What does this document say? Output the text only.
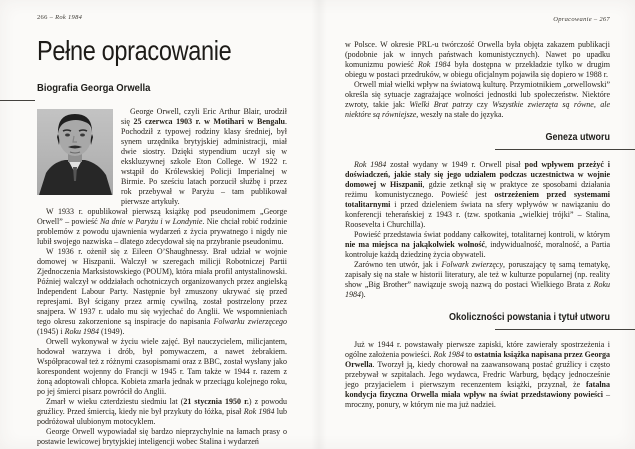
266 – Rok 1984
Pełne opracowanie
Biografia Georga Orwella

George Orwell, czyli Eric Arthur Blair, urodził się 25 czerwca 1903 r. w Motihari w Bengalu. Pochodził z typowej rodziny klasy średniej, był synem urzędnika brytyjskiej administracji, miał dwie siostry. Dzięki stypendium uczył się w ekskluzywnej szkole Eton College. W 1922 r. wstąpił do Królewskiej Policji Imperialnej w Birmie. Po sześciu latach porzucił służbę i przez rok przebywał w Paryżu – tam publikował pierwsze artykuły.

W 1933 r. opublikował pierwszą książkę pod pseudonimem „George Orwell” – powieść Na dnie w Paryżu i w Londynie. Nie chciał robić rodzinie problemów z powodu ujawnienia wydarzeń z życia prywatnego i nigdy nie lubił swojego nazwiska – dlatego zdecydował się na przybranie pseudonimu.

W 1936 r. ożenił się z Eileen O’Shaughnessy. Brał udział w wojnie domowej w Hiszpanii. Walczył w szeregach milicji Robotniczej Partii Zjednoczenia Marksistowskiego (POUM), która miała profil antystalinowski. Później walczył w oddziałach ochotniczych organizowanych przez angielską Independent Labour Party. Następnie był zmuszony ukrywać się przed represjami. Był ścigany przez armię cywilną, został postrzelony przez snajpera. W 1937 r. udało mu się wyjechać do Anglii. We wspomnieniach tego okresu zakorzenione są inspiracje do napisania Folwarku zwierzęcego (1945) i Roku 1984 (1949).

Orwell wykonywał w życiu wiele zajęć. Był nauczycielem, milicjantem, hodował warzywa i drób, był pomywaczem, a nawet żebrakiem. Współpracował też z różnymi czasopismami oraz z BBC, został wysłany jako korespondent wojenny do Francji w 1945 r. Tam także w 1944 r. razem z żoną adoptowali chłopca. Kobieta zmarła jednak w przeciągu kolejnego roku, po jej śmierci pisarz powrócił do Anglii.

Zmarł w wieku czterdziestu siedmiu lat (21 stycznia 1950 r.) z powodu gruźlicy. Przed śmiercią, kiedy nie był przykuty do łóżka, pisał Rok 1984 lub podróżował ulubionym motocyklem.

George Orwell wypowiadał się bardzo nieprzychylnie na łamach prasy o postawie lewicowej brytyjskiej inteligencji wobec Stalina i wydarzeń

Opracowanie – 267

w Polsce. W okresie PRL-u twórczość Orwella była objęta zakazem publikacji (podobnie jak w innych państwach komunistycznych). Nawet po upadku komunizmu powieść Rok 1984 była dostępna w przekładzie tylko w drugim obiegu w postaci przedruków, w obiegu oficjalnym pojawiła się dopiero w 1988 r.

Orwell miał wielki wpływ na światową kulturę. Przymiotnikiem „orwellowski” określa się sytuacje zagrażające wolności jednostki lub społeczeństw. Niektóre zwroty, takie jak: Wielki Brat patrzy czy Wszystkie zwierzęta są równe, ale niektóre są równiejsze, weszły na stałe do języka.

Geneza utworu

Rok 1984 został wydany w 1949 r. Orwell pisał pod wpływem przeżyć i doświadczeń, jakie stały się jego udziałem podczas uczestnictwa w wojnie domowej w Hiszpanii, gdzie zetknął się w praktyce ze sposobami działania reżimu komunistycznego. Powieść jest ostrzeżeniem przed systemami totalitarnymi i przed dzieleniem świata na sfery wpływów w nawiązaniu do konferencji teherańskiej z 1943 r. (tzw. spotkania „wielkiej trójki” – Stalina, Roosevelta i Churchilla).

Powieść przedstawia świat poddany całkowitej, totalitarnej kontroli, w którym nie ma miejsca na jakąkolwiek wolność, indywidualność, moralność, a Partia kontroluje każdą dziedzinę życia obywateli.

Zarówno ten utwór, jak i Folwark zwierzęcy, poruszający tę samą tematykę, zapisały się na stałe w historii literatury, ale też w kulturze popularnej (np. reality show „Big Brother” nawiązuje swoją nazwą do postaci Wielkiego Brata z Roku 1984).

Okoliczności powstania i tytuł utworu

Już w 1944 r. powstawały pierwsze zapiski, które zawierały spostrzeżenia i ogólne założenia powieści. Rok 1984 to ostatnia książka napisana przez Georga Orwella. Tworzył ją, kiedy chorował na zaawansowaną postać gruźlicy i często przebywał w szpitalach. Jego wydawca, Fredric Warburg, będący jednocześnie jego przyjacielem i pierwszym recenzentem książki, przyznał, że fatalna kondycja fizyczna Orwella miała wpływ na świat przedstawiony powieści – mroczny, ponury, w którym nie ma już nadziei.
